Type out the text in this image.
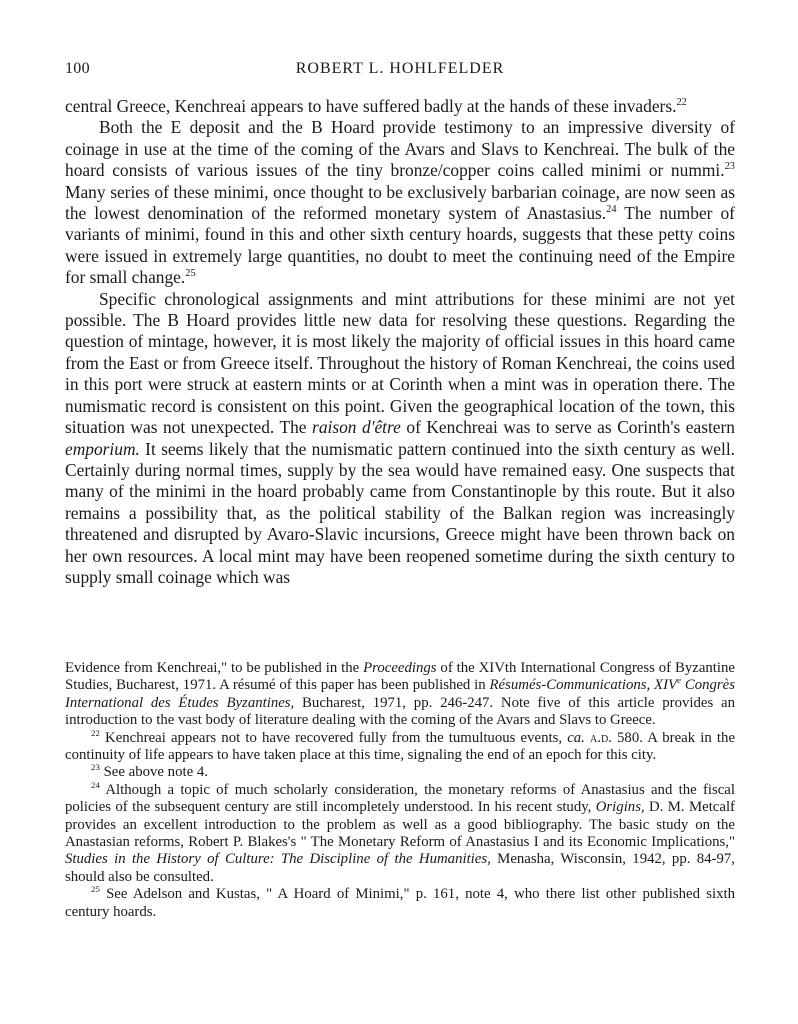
100	ROBERT L. HOHLFELDER

central Greece, Kenchreai appears to have suffered badly at the hands of these invaders.$^{22}$

Both the E deposit and the B Hoard provide testimony to an impressive diversity of coinage in use at the time of the coming of the Avars and Slavs to Kenchreai. The bulk of the hoard consists of various issues of the tiny bronze/copper coins called minimi or nummi.$^{23}$ Many series of these minimi, once thought to be exclusively barbarian coinage, are now seen as the lowest denomination of the reformed monetary system of Anastasius.$^{24}$ The number of variants of minimi, found in this and other sixth century hoards, suggests that these petty coins were issued in extremely large quantities, no doubt to meet the continuing need of the Empire for small change.$^{25}$

Specific chronological assignments and mint attributions for these minimi are not yet possible. The B Hoard provides little new data for resolving these questions. Regarding the question of mintage, however, it is most likely the majority of official issues in this hoard came from the East or from Greece itself. Throughout the history of Roman Kenchreai, the coins used in this port were struck at eastern mints or at Corinth when a mint was in operation there. The numismatic record is consistent on this point. Given the geographical location of the town, this situation was not unexpected. The raison d'être of Kenchreai was to serve as Corinth's eastern emporium. It seems likely that the numismatic pattern continued into the sixth century as well. Certainly during normal times, supply by the sea would have remained easy. One suspects that many of the minimi in the hoard probably came from Constantinople by this route. But it also remains a possibility that, as the political stability of the Balkan region was increasingly threatened and disrupted by Avaro-Slavic incursions, Greece might have been thrown back on her own resources. A local mint may have been reopened sometime during the sixth century to supply small coinage which was

Evidence from Kenchreai," to be published in the Proceedings of the XIVth International Congress of Byzantine Studies, Bucharest, 1971. A résumé of this paper has been published in Résumés-Communications, XIVe Congrès International des Études Byzantines, Bucharest, 1971, pp. 246-247. Note five of this article provides an introduction to the vast body of literature dealing with the coming of the Avars and Slavs to Greece.

$^{22}$ Kenchreai appears not to have recovered fully from the tumultuous events, ca. a.d. 580. A break in the continuity of life appears to have taken place at this time, signaling the end of an epoch for this city.

$^{23}$ See above note 4.

$^{24}$ Although a topic of much scholarly consideration, the monetary reforms of Anastasius and the fiscal policies of the subsequent century are still incompletely understood. In his recent study, Origins, D. M. Metcalf provides an excellent introduction to the problem as well as a good bibliography. The basic study on the Anastasian reforms, Robert P. Blakes's " The Monetary Reform of Anastasius I and its Economic Implications," Studies in the History of Culture: The Discipline of the Humanities, Menasha, Wisconsin, 1942, pp. 84-97, should also be consulted.

$^{25}$ See Adelson and Kustas, " A Hoard of Minimi," p. 161, note 4, who there list other published sixth century hoards.
